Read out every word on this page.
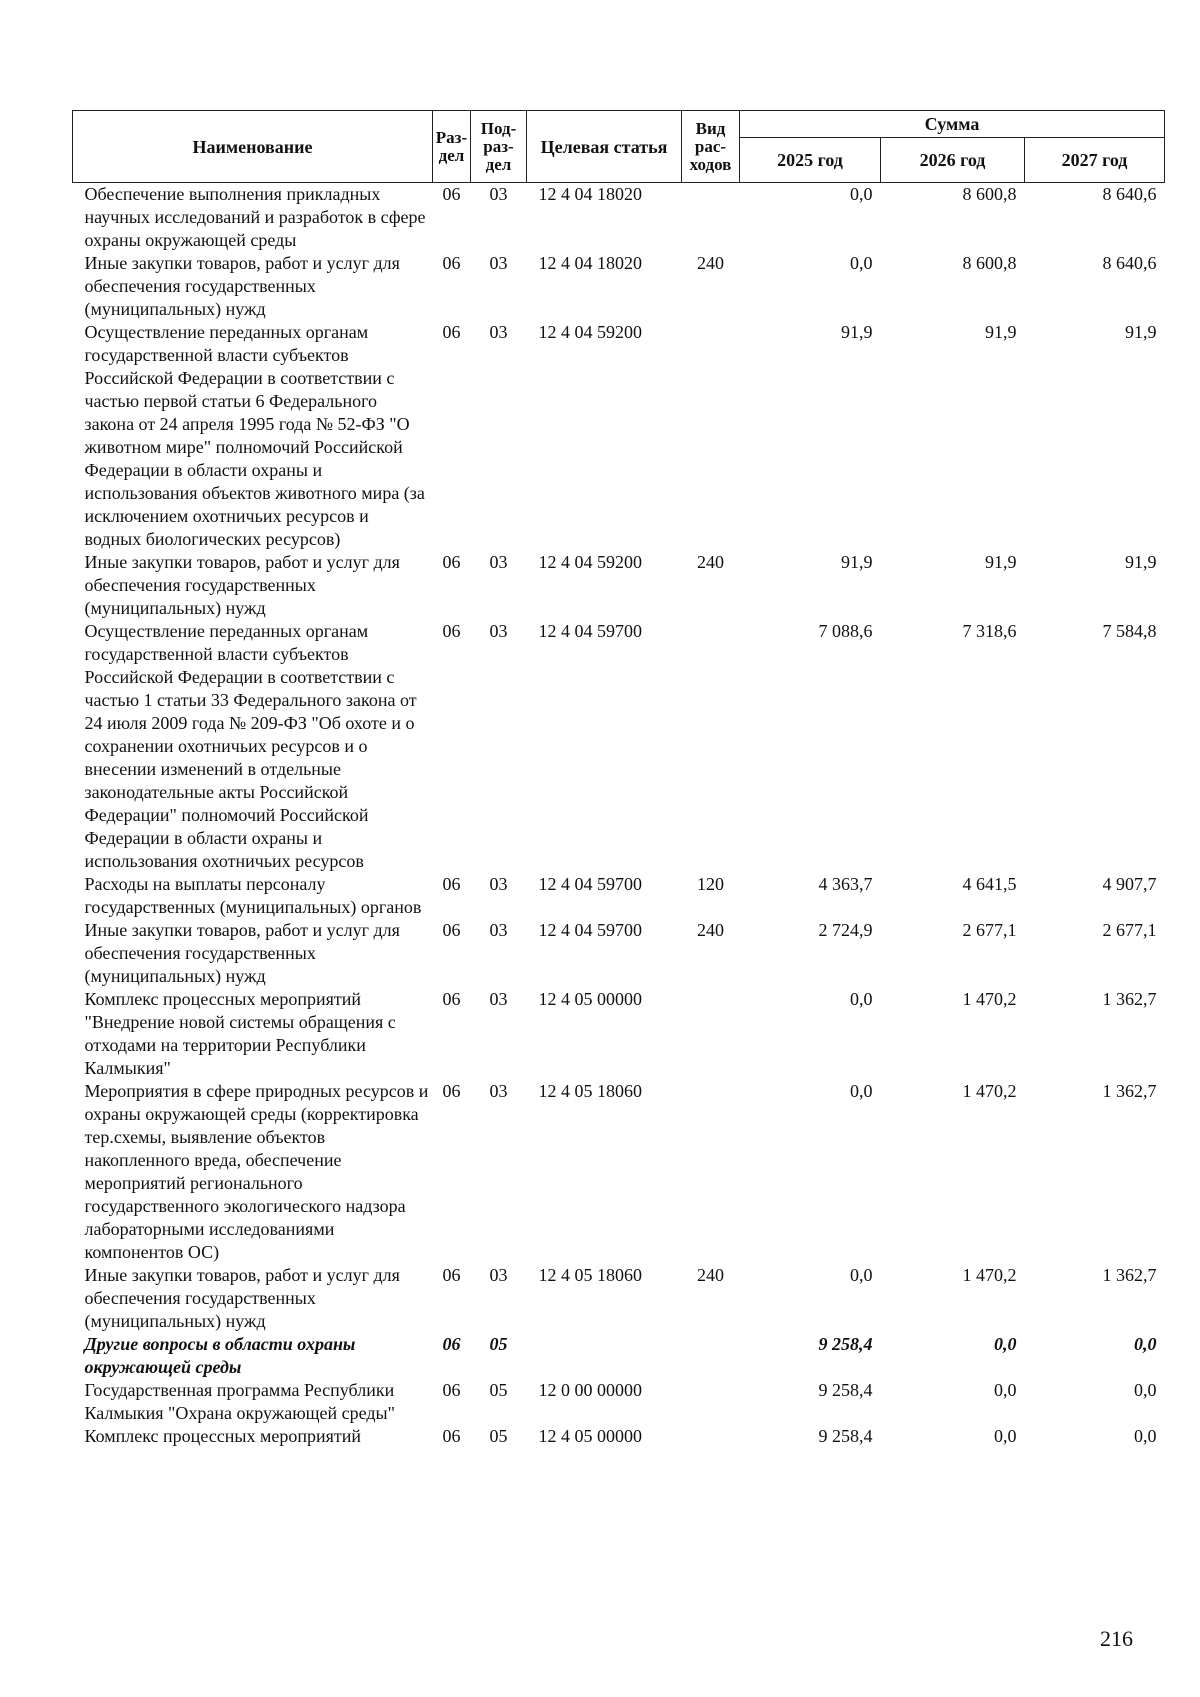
Наименование	Раз-дел	Под-раз-дел	Целевая статья	Вид рас-ходов	Сумма		
					2025 год	2026 год	2027 год
Обеспечение выполнения прикладных научных исследований и разработок в сфере охраны окружающей среды	06	03	12 4 04 18020		0,0	8 600,8	8 640,6
Иные закупки товаров, работ и услуг для обеспечения государственных (муниципальных) нужд	06	03	12 4 04 18020	240	0,0	8 600,8	8 640,6
Осуществление переданных органам государственной власти субъектов Российской Федерации в соответствии с частью первой статьи 6 Федерального закона от 24 апреля 1995 года № 52-ФЗ "О животном мире" полномочий Российской Федерации в области охраны и использования объектов животного мира (за исключением охотничьих ресурсов и водных биологических ресурсов)	06	03	12 4 04 59200		91,9	91,9	91,9
Иные закупки товаров, работ и услуг для обеспечения государственных (муниципальных) нужд	06	03	12 4 04 59200	240	91,9	91,9	91,9
Осуществление переданных органам государственной власти субъектов Российской Федерации в соответствии с частью 1 статьи 33 Федерального закона от 24 июля 2009 года № 209-ФЗ "Об охоте и о сохранении охотничьих ресурсов и о внесении изменений в отдельные законодательные акты Российской Федерации" полномочий Российской Федерации в области охраны и использования охотничьих ресурсов	06	03	12 4 04 59700		7 088,6	7 318,6	7 584,8
Расходы на выплаты персоналу государственных (муниципальных) органов	06	03	12 4 04 59700	120	4 363,7	4 641,5	4 907,7
Иные закупки товаров, работ и услуг для обеспечения государственных (муниципальных) нужд	06	03	12 4 04 59700	240	2 724,9	2 677,1	2 677,1
Комплекс процессных мероприятий "Внедрение новой системы обращения с отходами на территории Республики Калмыкия"	06	03	12 4 05 00000		0,0	1 470,2	1 362,7
Мероприятия в сфере природных ресурсов и охраны окружающей среды (корректировка тер.схемы, выявление объектов накопленного вреда, обеспечение мероприятий регионального государственного экологического надзора лабораторными исследованиями компонентов ОС)	06	03	12 4 05 18060		0,0	1 470,2	1 362,7
Иные закупки товаров, работ и услуг для обеспечения государственных (муниципальных) нужд	06	03	12 4 05 18060	240	0,0	1 470,2	1 362,7
Другие вопросы в области охраны окружающей среды	06	05			9 258,4	0,0	0,0
Государственная программа Республики Калмыкия "Охрана окружающей среды"	06	05	12 0 00 00000		9 258,4	0,0	0,0
Комплекс процессных мероприятий	06	05	12 4 05 00000		9 258,4	0,0	0,0
216
